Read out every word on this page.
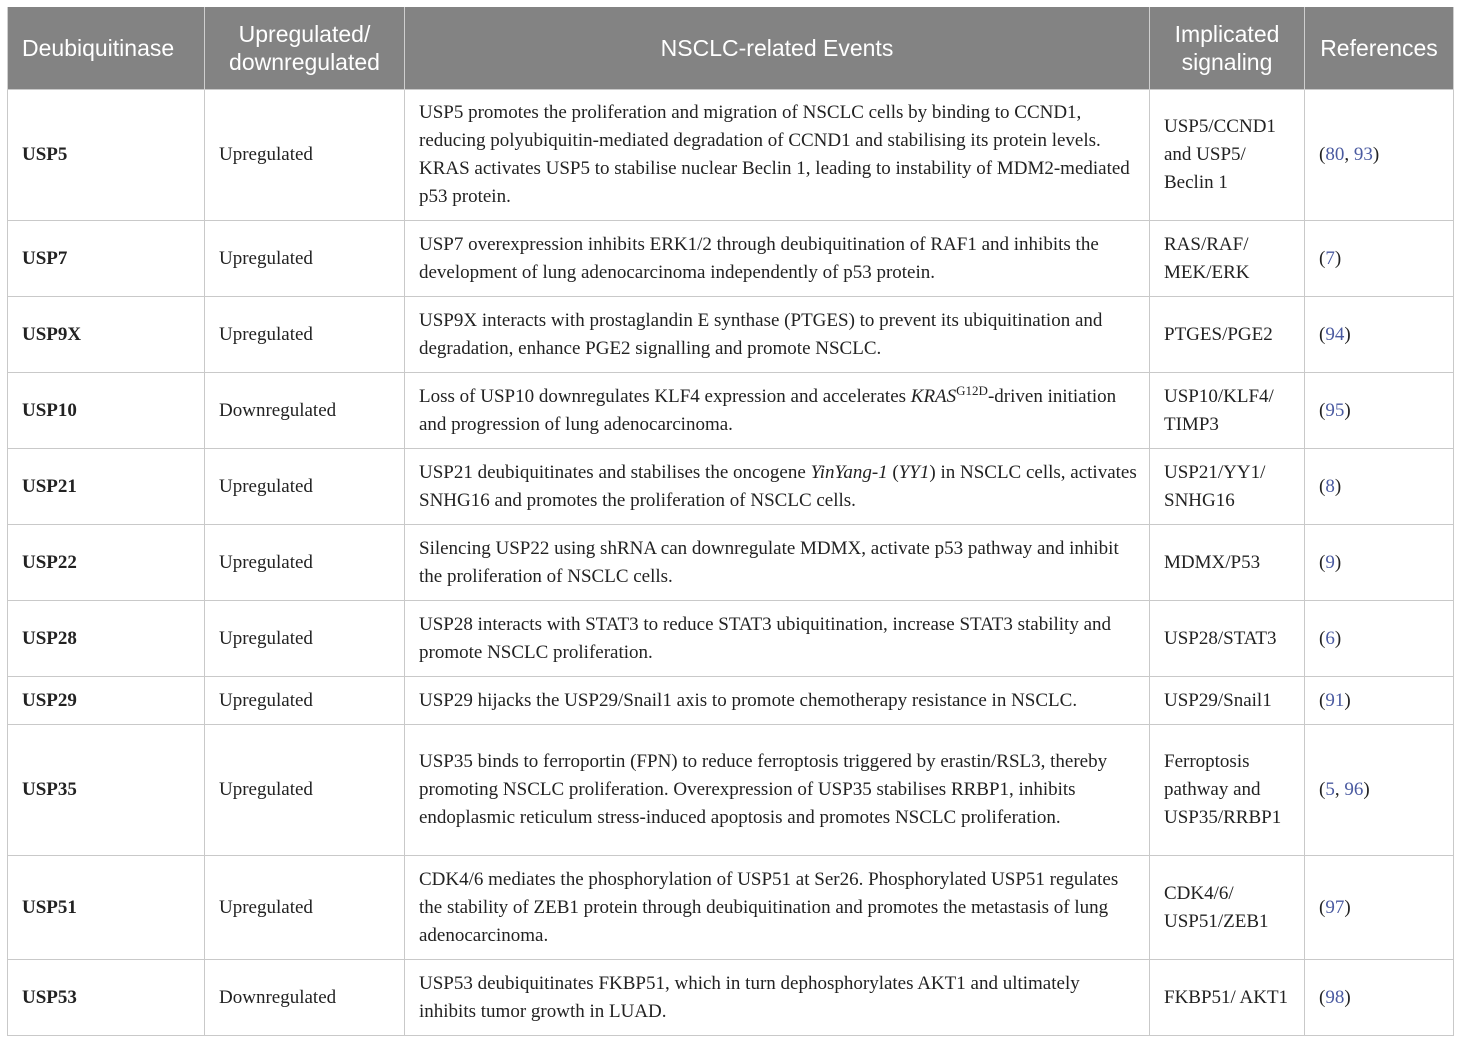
Deubiquitinase	Upregulated/ downregulated	NSCLC-related Events	Implicated signaling	References
USP5	Upregulated	USP5 promotes the proliferation and migration of NSCLC cells by binding to CCND1, reducing polyubiquitin-mediated degradation of CCND1 and stabilising its protein levels. KRAS activates USP5 to stabilise nuclear Beclin 1, leading to instability of MDM2-mediated p53 protein.	USP5/CCND1 and USP5/ Beclin 1	(80, 93)
USP7	Upregulated	USP7 overexpression inhibits ERK1/2 through deubiquitination of RAF1 and inhibits the development of lung adenocarcinoma independently of p53 protein.	RAS/RAF/ MEK/ERK	(7)
USP9X	Upregulated	USP9X interacts with prostaglandin E synthase (PTGES) to prevent its ubiquitination and degradation, enhance PGE2 signalling and promote NSCLC.	PTGES/PGE2	(94)
USP10	Downregulated	Loss of USP10 downregulates KLF4 expression and accelerates $KRAS^{G12D}$-driven initiation and progression of lung adenocarcinoma.	USP10/KLF4/ TIMP3	(95)
USP21	Upregulated	USP21 deubiquitinates and stabilises the oncogene YinYang-1 (YY1) in NSCLC cells, activates SNHG16 and promotes the proliferation of NSCLC cells.	USP21/YY1/ SNHG16	(8)
USP22	Upregulated	Silencing USP22 using shRNA can downregulate MDMX, activate p53 pathway and inhibit the proliferation of NSCLC cells.	MDMX/P53	(9)
USP28	Upregulated	USP28 interacts with STAT3 to reduce STAT3 ubiquitination, increase STAT3 stability and promote NSCLC proliferation.	USP28/STAT3	(6)
USP29	Upregulated	USP29 hijacks the USP29/Snail1 axis to promote chemotherapy resistance in NSCLC.	USP29/Snail1	(91)
USP35	Upregulated	USP35 binds to ferroportin (FPN) to reduce ferroptosis triggered by erastin/RSL3, thereby promoting NSCLC proliferation. Overexpression of USP35 stabilises RRBP1, inhibits endoplasmic reticulum stress-induced apoptosis and promotes NSCLC proliferation.	Ferroptosis pathway and USP35/RRBP1	(5, 96)
USP51	Upregulated	CDK4/6 mediates the phosphorylation of USP51 at Ser26. Phosphorylated USP51 regulates the stability of ZEB1 protein through deubiquitination and promotes the metastasis of lung adenocarcinoma.	CDK4/6/ USP51/ZEB1	(97)
USP53	Downregulated	USP53 deubiquitinates FKBP51, which in turn dephosphorylates AKT1 and ultimately inhibits tumor growth in LUAD.	FKBP51/ AKT1	(98)
